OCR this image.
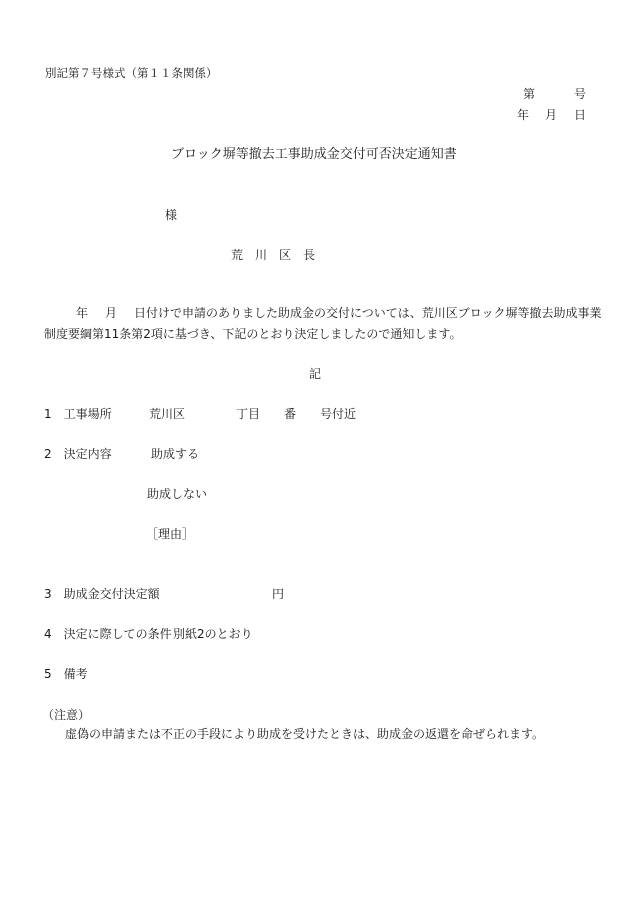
別記第７号様式（第１１条関係）
第	号
年 月 日
ブロック塀等撤去工事助成金交付可否決定通知書
様
荒　川　区　長
年 月 日付けで申請のありました助成金の交付については、荒川区ブロック塀等撤去助成事業
制度要綱第11条第2項に基づき、下記のとおり決定しましたので通知します。
記
1　工事場所	荒川区	丁目 番 号付近
2　決定内容	助成する
助成しない
［理由］
3　助成金交付決定額	円
4　決定に際しての条件 別紙2のとおり
5　備考
（注意）
虚偽の申請または不正の手段により助成を受けたときは、助成金の返還を命ぜられます。
